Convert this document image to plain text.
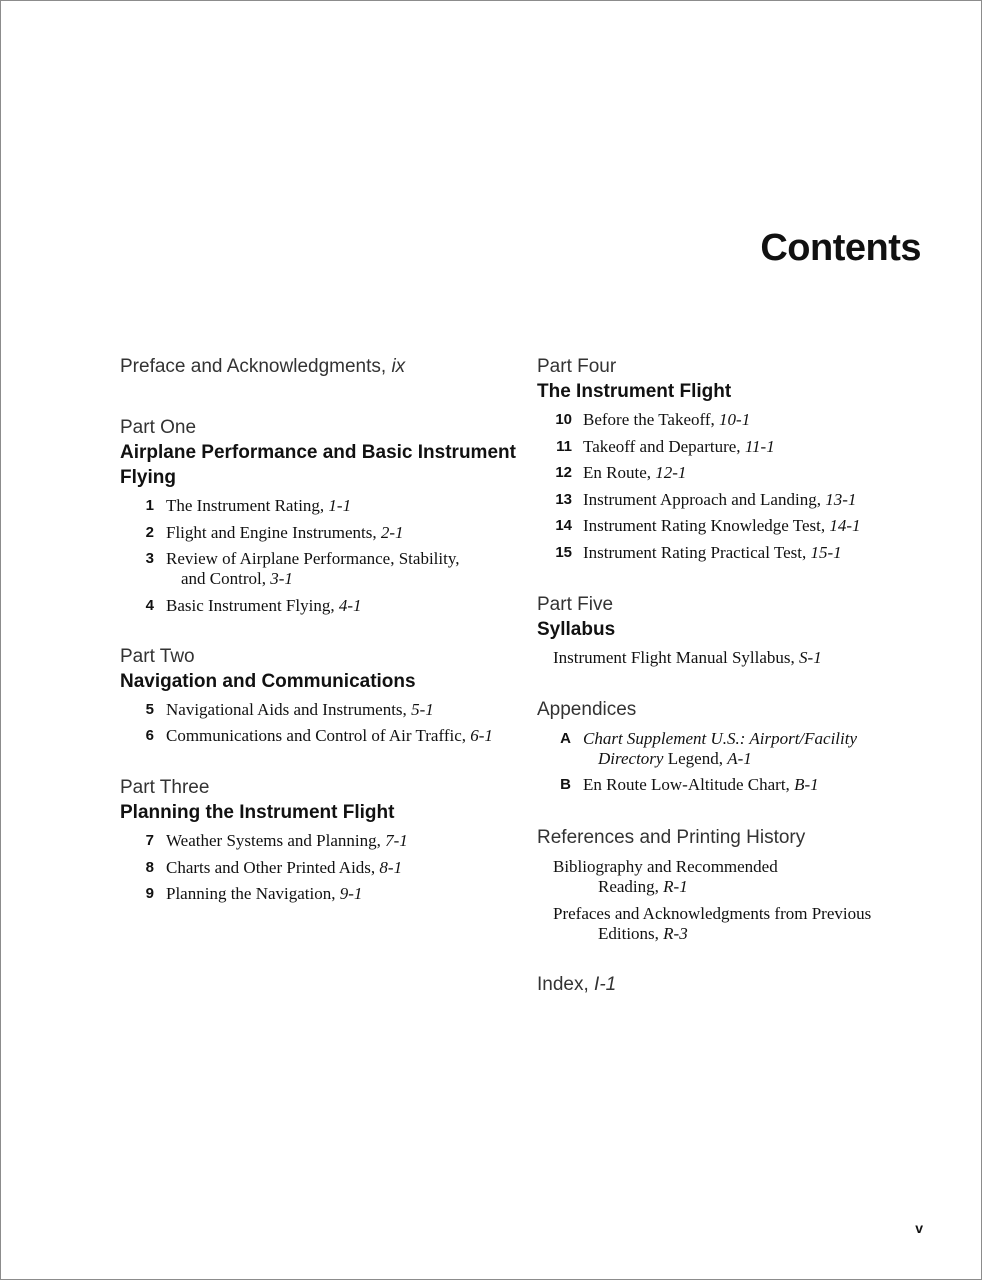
Contents
Preface and Acknowledgments, ix
Part One
Airplane Performance and Basic Instrument Flying
1 The Instrument Rating, 1-1
2 Flight and Engine Instruments, 2-1
3 Review of Airplane Performance, Stability,
and Control, 3-1
4 Basic Instrument Flying, 4-1
Part Two
Navigation and Communications
5 Navigational Aids and Instruments, 5-1
6 Communications and Control of Air Traffic, 6-1
Part Three
Planning the Instrument Flight
7 Weather Systems and Planning, 7-1
8 Charts and Other Printed Aids, 8-1
9 Planning the Navigation, 9-1
Part Four
The Instrument Flight
10 Before the Takeoff, 10-1
11 Takeoff and Departure, 11-1
12 En Route, 12-1
13 Instrument Approach and Landing, 13-1
14 Instrument Rating Knowledge Test, 14-1
15 Instrument Rating Practical Test, 15-1
Part Five
Syllabus
Instrument Flight Manual Syllabus, S-1
Appendices
A Chart Supplement U.S.: Airport/Facility
Directory Legend, A-1
B En Route Low-Altitude Chart, B-1
References and Printing History
Bibliography and Recommended
Reading, R-1
Prefaces and Acknowledgments from Previous
Editions, R-3
Index, I-1
v
